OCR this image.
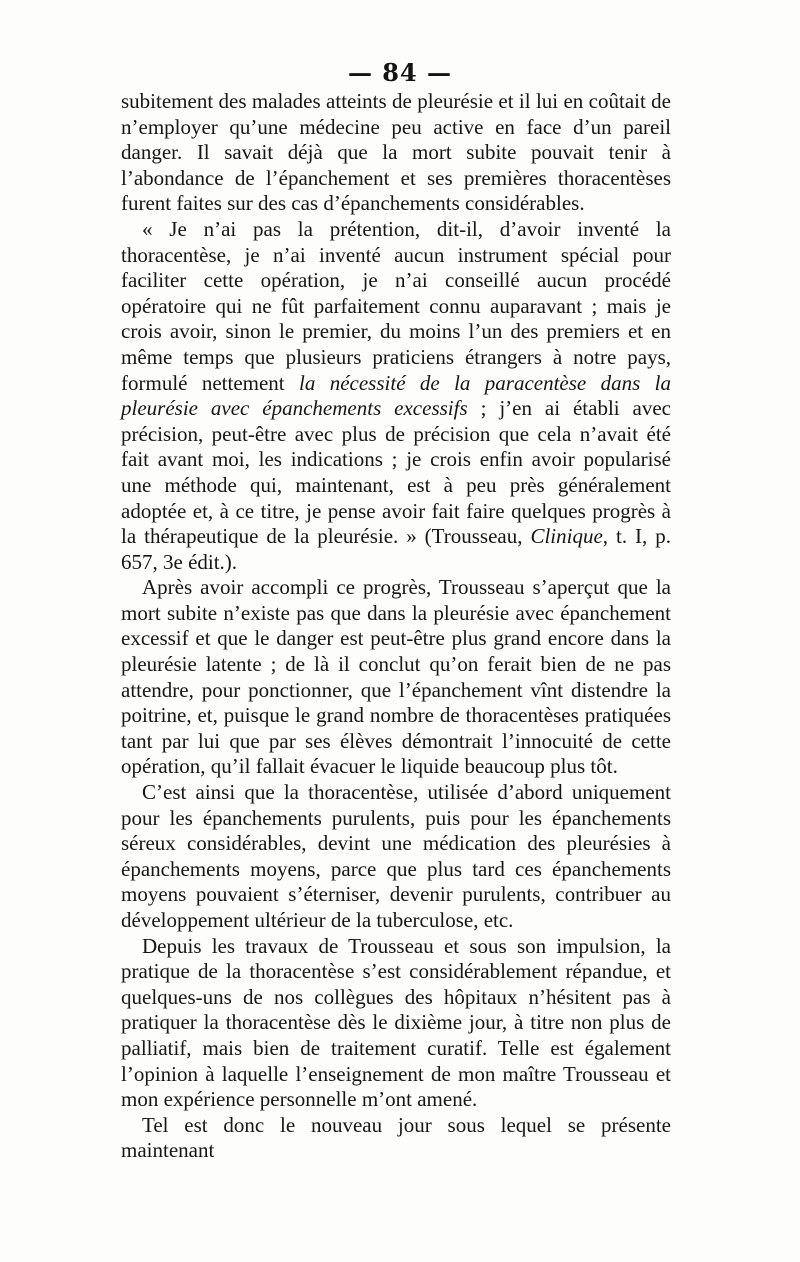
— 84 —

subitement des malades atteints de pleurésie et il lui en coûtait de n’employer qu’une médecine peu active en face d’un pareil danger. Il savait déjà que la mort subite pouvait tenir à l’abondance de l’épanchement et ses premières thoracentèses furent faites sur des cas d’épanchements considérables.

« Je n’ai pas la prétention, dit-il, d’avoir inventé la thoracentèse, je n’ai inventé aucun instrument spécial pour faciliter cette opération, je n’ai conseillé aucun procédé opératoire qui ne fût parfaitement connu auparavant ; mais je crois avoir, sinon le premier, du moins l’un des premiers et en même temps que plusieurs praticiens étrangers à notre pays, formulé nettement la nécessité de la paracentèse dans la pleurésie avec épanchements excessifs ; j’en ai établi avec précision, peut-être avec plus de précision que cela n’avait été fait avant moi, les indications ; je crois enfin avoir popularisé une méthode qui, maintenant, est à peu près généralement adoptée et, à ce titre, je pense avoir fait faire quelques progrès à la thérapeutique de la pleurésie. » (Trousseau, Clinique, t. I, p. 657, 3e édit.).

Après avoir accompli ce progrès, Trousseau s’aperçut que la mort subite n’existe pas que dans la pleurésie avec épanchement excessif et que le danger est peut-être plus grand encore dans la pleurésie latente ; de là il conclut qu’on ferait bien de ne pas attendre, pour ponctionner, que l’épanchement vînt distendre la poitrine, et, puisque le grand nombre de thoracentèses pratiquées tant par lui que par ses élèves démontrait l’innocuité de cette opération, qu’il fallait évacuer le liquide beaucoup plus tôt.

C’est ainsi que la thoracentèse, utilisée d’abord uniquement pour les épanchements purulents, puis pour les épanchements séreux considérables, devint une médication des pleurésies à épanchements moyens, parce que plus tard ces épanchements moyens pouvaient s’éterniser, devenir purulents, contribuer au développement ultérieur de la tuberculose, etc.

Depuis les travaux de Trousseau et sous son impulsion, la pratique de la thoracentèse s’est considérablement répandue, et quelques-uns de nos collègues des hôpitaux n’hésitent pas à pratiquer la thoracentèse dès le dixième jour, à titre non plus de palliatif, mais bien de traitement curatif. Telle est également l’opinion à laquelle l’enseignement de mon maître Trousseau et mon expérience personnelle m’ont amené.

Tel est donc le nouveau jour sous lequel se présente maintenant
